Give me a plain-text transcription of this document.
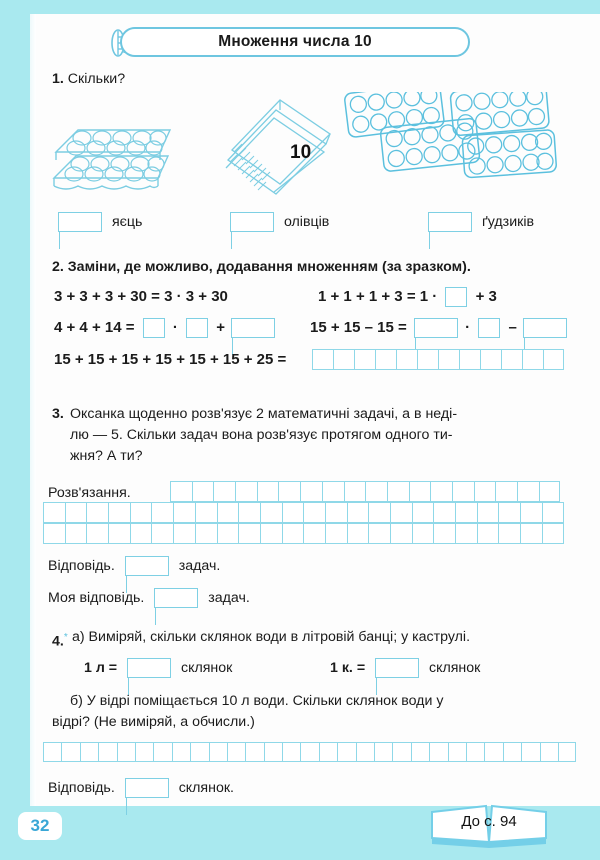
Множення числа 10
1. Скільки?
10
яєць	олівців	ґудзиків
2. Заміни, де можливо, додавання множенням (за зразком).
3 + 3 + 3 + 30 = 3 · 3 + 30	1 + 1 + 1 + 3 = 1 ·	+ 3
4 + 4 + 14 =	·	+	15 + 15 – 15 =	·	–
15 + 15 + 15 + 15 + 15 + 15 + 25 =
3. Оксанка щоденно розв'язує 2 математичні задачі, а в неді-
лю — 5. Скільки задач вона розв'язує протягом одного ти-
жня? А ти?
Розв'язання.
Відповідь.	задач.
Моя відповідь.	задач.
4.* а) Виміряй, скільки склянок води в літровій банці; у каструлі.
1 л =	склянок	1 к. =	склянок
б) У відрі поміщається 10 л води. Скільки склянок води у
відрі? (Не виміряй, а обчисли.)
Відповідь.	склянок.
32	До с. 94
